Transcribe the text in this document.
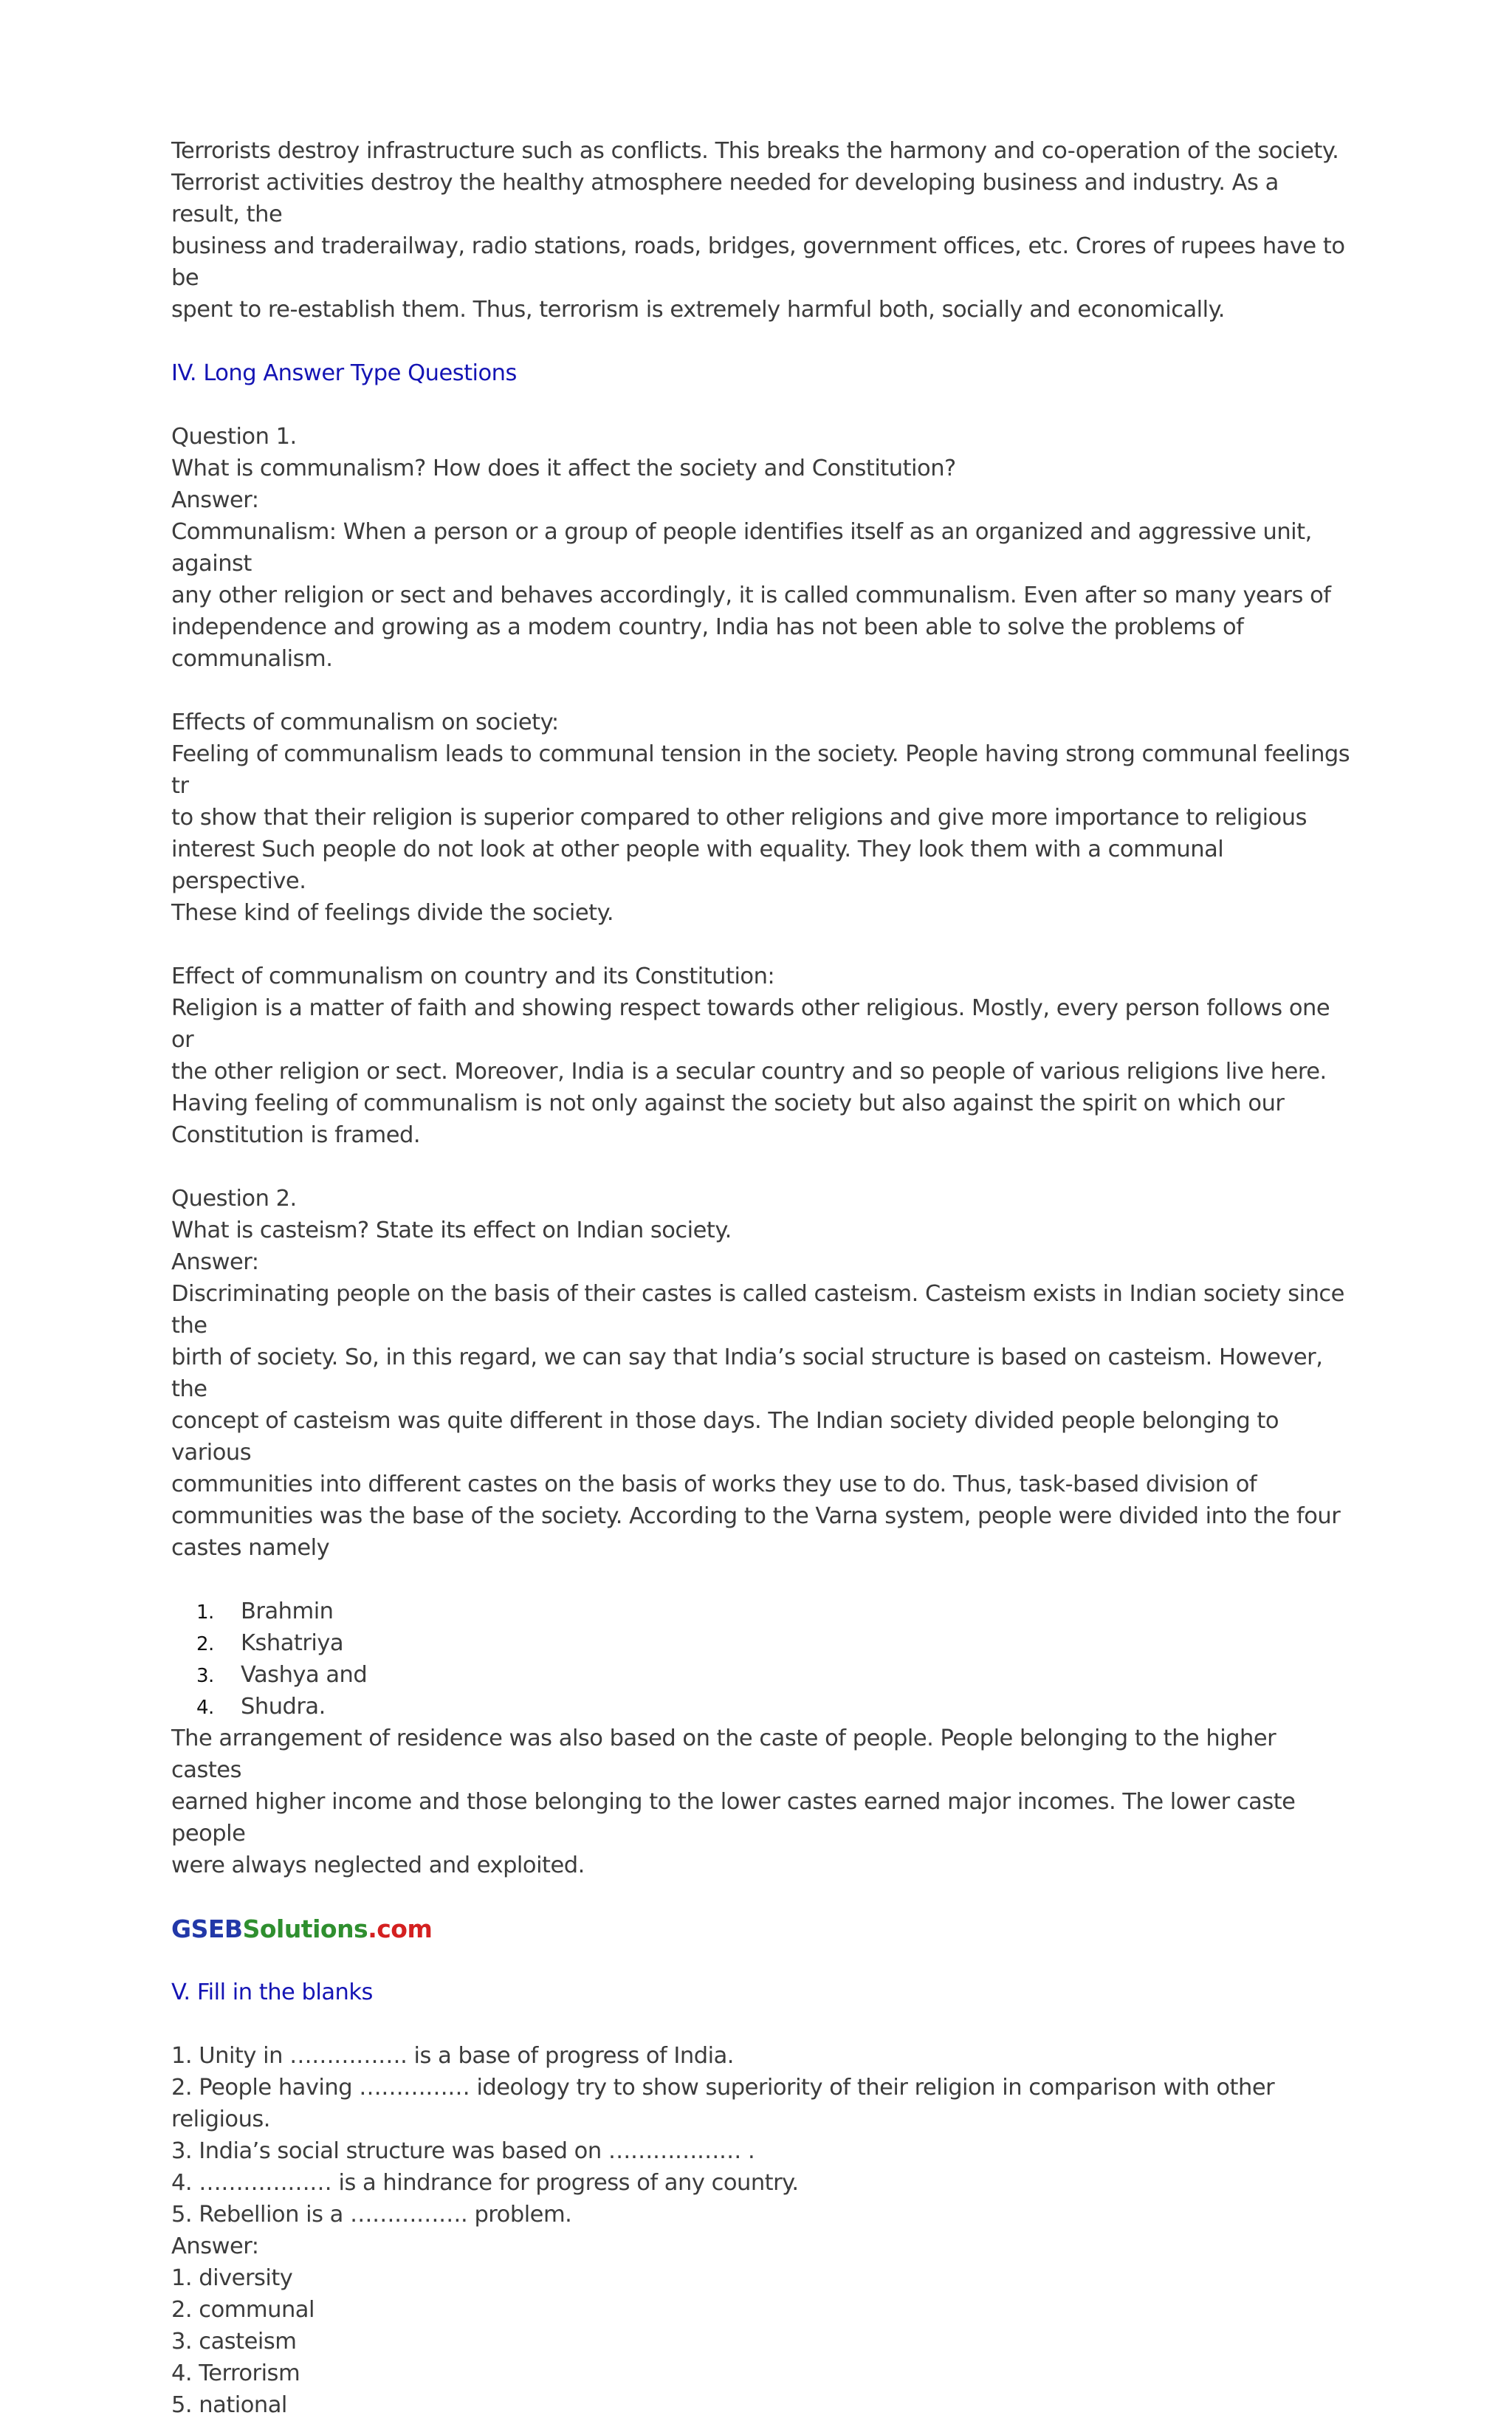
Terrorists destroy infrastructure such as conflicts. This breaks the harmony and co-operation of the society.
Terrorist activities destroy the healthy atmosphere needed for developing business and industry. As a result, the
business and traderailway, radio stations, roads, bridges, government offices, etc. Crores of rupees have to be
spent to re-establish them. Thus, terrorism is extremely harmful both, socially and economically.

IV. Long Answer Type Questions

Question 1.
What is communalism? How does it affect the society and Constitution?
Answer:
Communalism: When a person or a group of people identifies itself as an organized and aggressive unit, against
any other religion or sect and behaves accordingly, it is called communalism. Even after so many years of
independence and growing as a modem country, India has not been able to solve the problems of
communalism.

Effects of communalism on society:
Feeling of communalism leads to communal tension in the society. People having strong communal feelings tr
to show that their religion is superior compared to other religions and give more importance to religious
interest Such people do not look at other people with equality. They look them with a communal perspective.
These kind of feelings divide the society.

Effect of communalism on country and its Constitution:
Religion is a matter of faith and showing respect towards other religious. Mostly, every person follows one or
the other religion or sect. Moreover, India is a secular country and so people of various religions live here.
Having feeling of communalism is not only against the society but also against the spirit on which our
Constitution is framed.

Question 2.
What is casteism? State its effect on Indian society.
Answer:
Discriminating people on the basis of their castes is called casteism. Casteism exists in Indian society since the
birth of society. So, in this regard, we can say that India’s social structure is based on casteism. However, the
concept of casteism was quite different in those days. The Indian society divided people belonging to various
communities into different castes on the basis of works they use to do. Thus, task-based division of
communities was the base of the society. According to the Varna system, people were divided into the four
castes namely

1. Brahmin
2. Kshatriya
3. Vashya and
4. Shudra.

The arrangement of residence was also based on the caste of people. People belonging to the higher castes
earned higher income and those belonging to the lower castes earned major incomes. The lower caste people
were always neglected and exploited.

GSEBSolutions.com

V. Fill in the blanks

1. Unity in ……………. is a base of progress of India.
2. People having …………… ideology try to show superiority of their religion in comparison with other religious.
3. India’s social structure was based on ……………… .
4. ……………… is a hindrance for progress of any country.
5. Rebellion is a ……………. problem.
Answer:
1. diversity
2. communal
3. casteism
4. Terrorism
5. national
